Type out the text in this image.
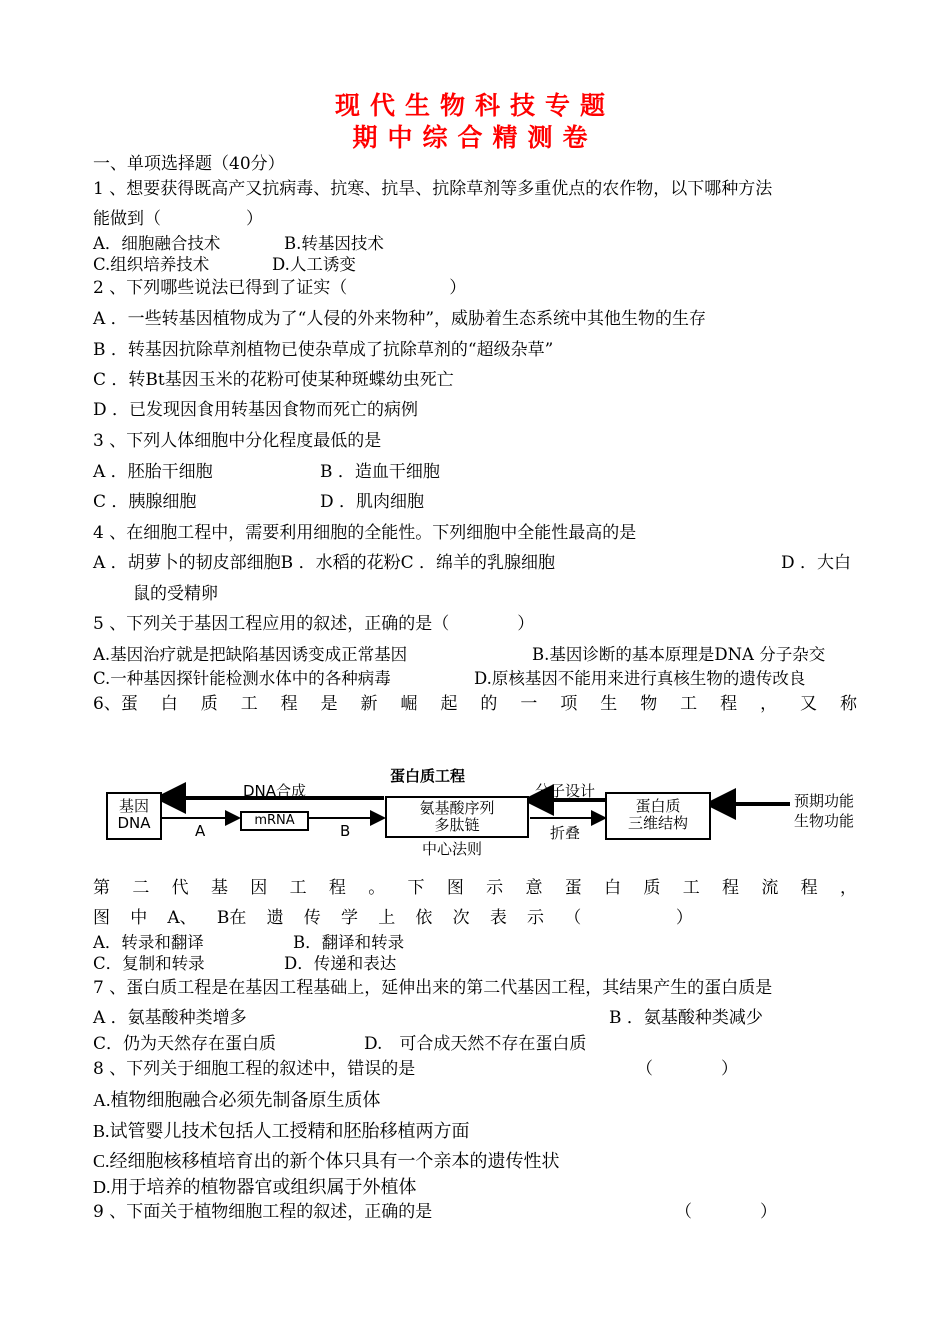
现代生物科技专题
期中综合精测卷
一、单项选择题（40分）
1 、想要获得既高产又抗病毒、抗寒、抗旱、抗除草剂等多重优点的农作物，以下哪种方法
能做到（　　　　　）
A．细胞融合技术	B.转基因技术
C.组织培养技术	D.人工诱变
2 、下列哪些说法已得到了证实（　　　　　　）
A ．一些转基因植物成为了“人侵的外来物种”，威胁着生态系统中其他生物的生存
B ．转基因抗除草剂植物已使杂草成了抗除草剂的“超级杂草”
C ．转Bt基因玉米的花粉可使某种斑蝶幼虫死亡
D ．已发现因食用转基因食物而死亡的病例
3 、下列人体细胞中分化程度最低的是
A ．胚胎干细胞	B ．造血干细胞
C ．胰腺细胞	D ．肌肉细胞
4 、在细胞工程中，需要利用细胞的全能性。下列细胞中全能性最高的是
A ．胡萝卜的韧皮部细胞B ．水稻的花粉C ．绵羊的乳腺细胞	D ．大白
鼠的受精卵
5 、下列关于基因工程应用的叙述，正确的是（　　　　）
A.基因治疗就是把缺陷基因诱变成正常基因	B.基因诊断的基本原理是DNA 分子杂交
C.一种基因探针能检测水体中的各种病毒	D.原核基因不能用来进行真核生物的遗传改良
6、蛋 白 质 工 程 是 新 崛 起 的 一 项 生 物 工 程 ， 又 称
蛋白质工程
基因
DNA
DNA合成
A
mRNA
B
氨基酸序列
多肽链
中心法则
分子设计
折叠
蛋白质
三维结构
预期功能
生物功能
第 二 代 基 因 工 程 。 下 图 示 意 蛋 白 质 工 程 流 程 ，
图 中 A、 B在 遗 传 学 上 依 次 表 示 （

　	）
A．转录和翻译	B．翻译和转录
C．复制和转录	D．传递和表达
7 、蛋白质工程是在基因工程基础上，延伸出来的第二代基因工程，其结果产生的蛋白质是
A ．氨基酸种类增多	B ．氨基酸种类减少
C．仍为天然存在蛋白质	D.　可合成天然不存在蛋白质
8 、下列关于细胞工程的叙述中，错误的是	（　　　　）
A.植物细胞融合必须先制备原生质体
B.试管婴儿技术包括人工授精和胚胎移植两方面
C.经细胞核移植培育出的新个体只具有一个亲本的遗传性状
D.用于培养的植物器官或组织属于外植体
9 、下面关于植物细胞工程的叙述，正确的是	（　　　　）
